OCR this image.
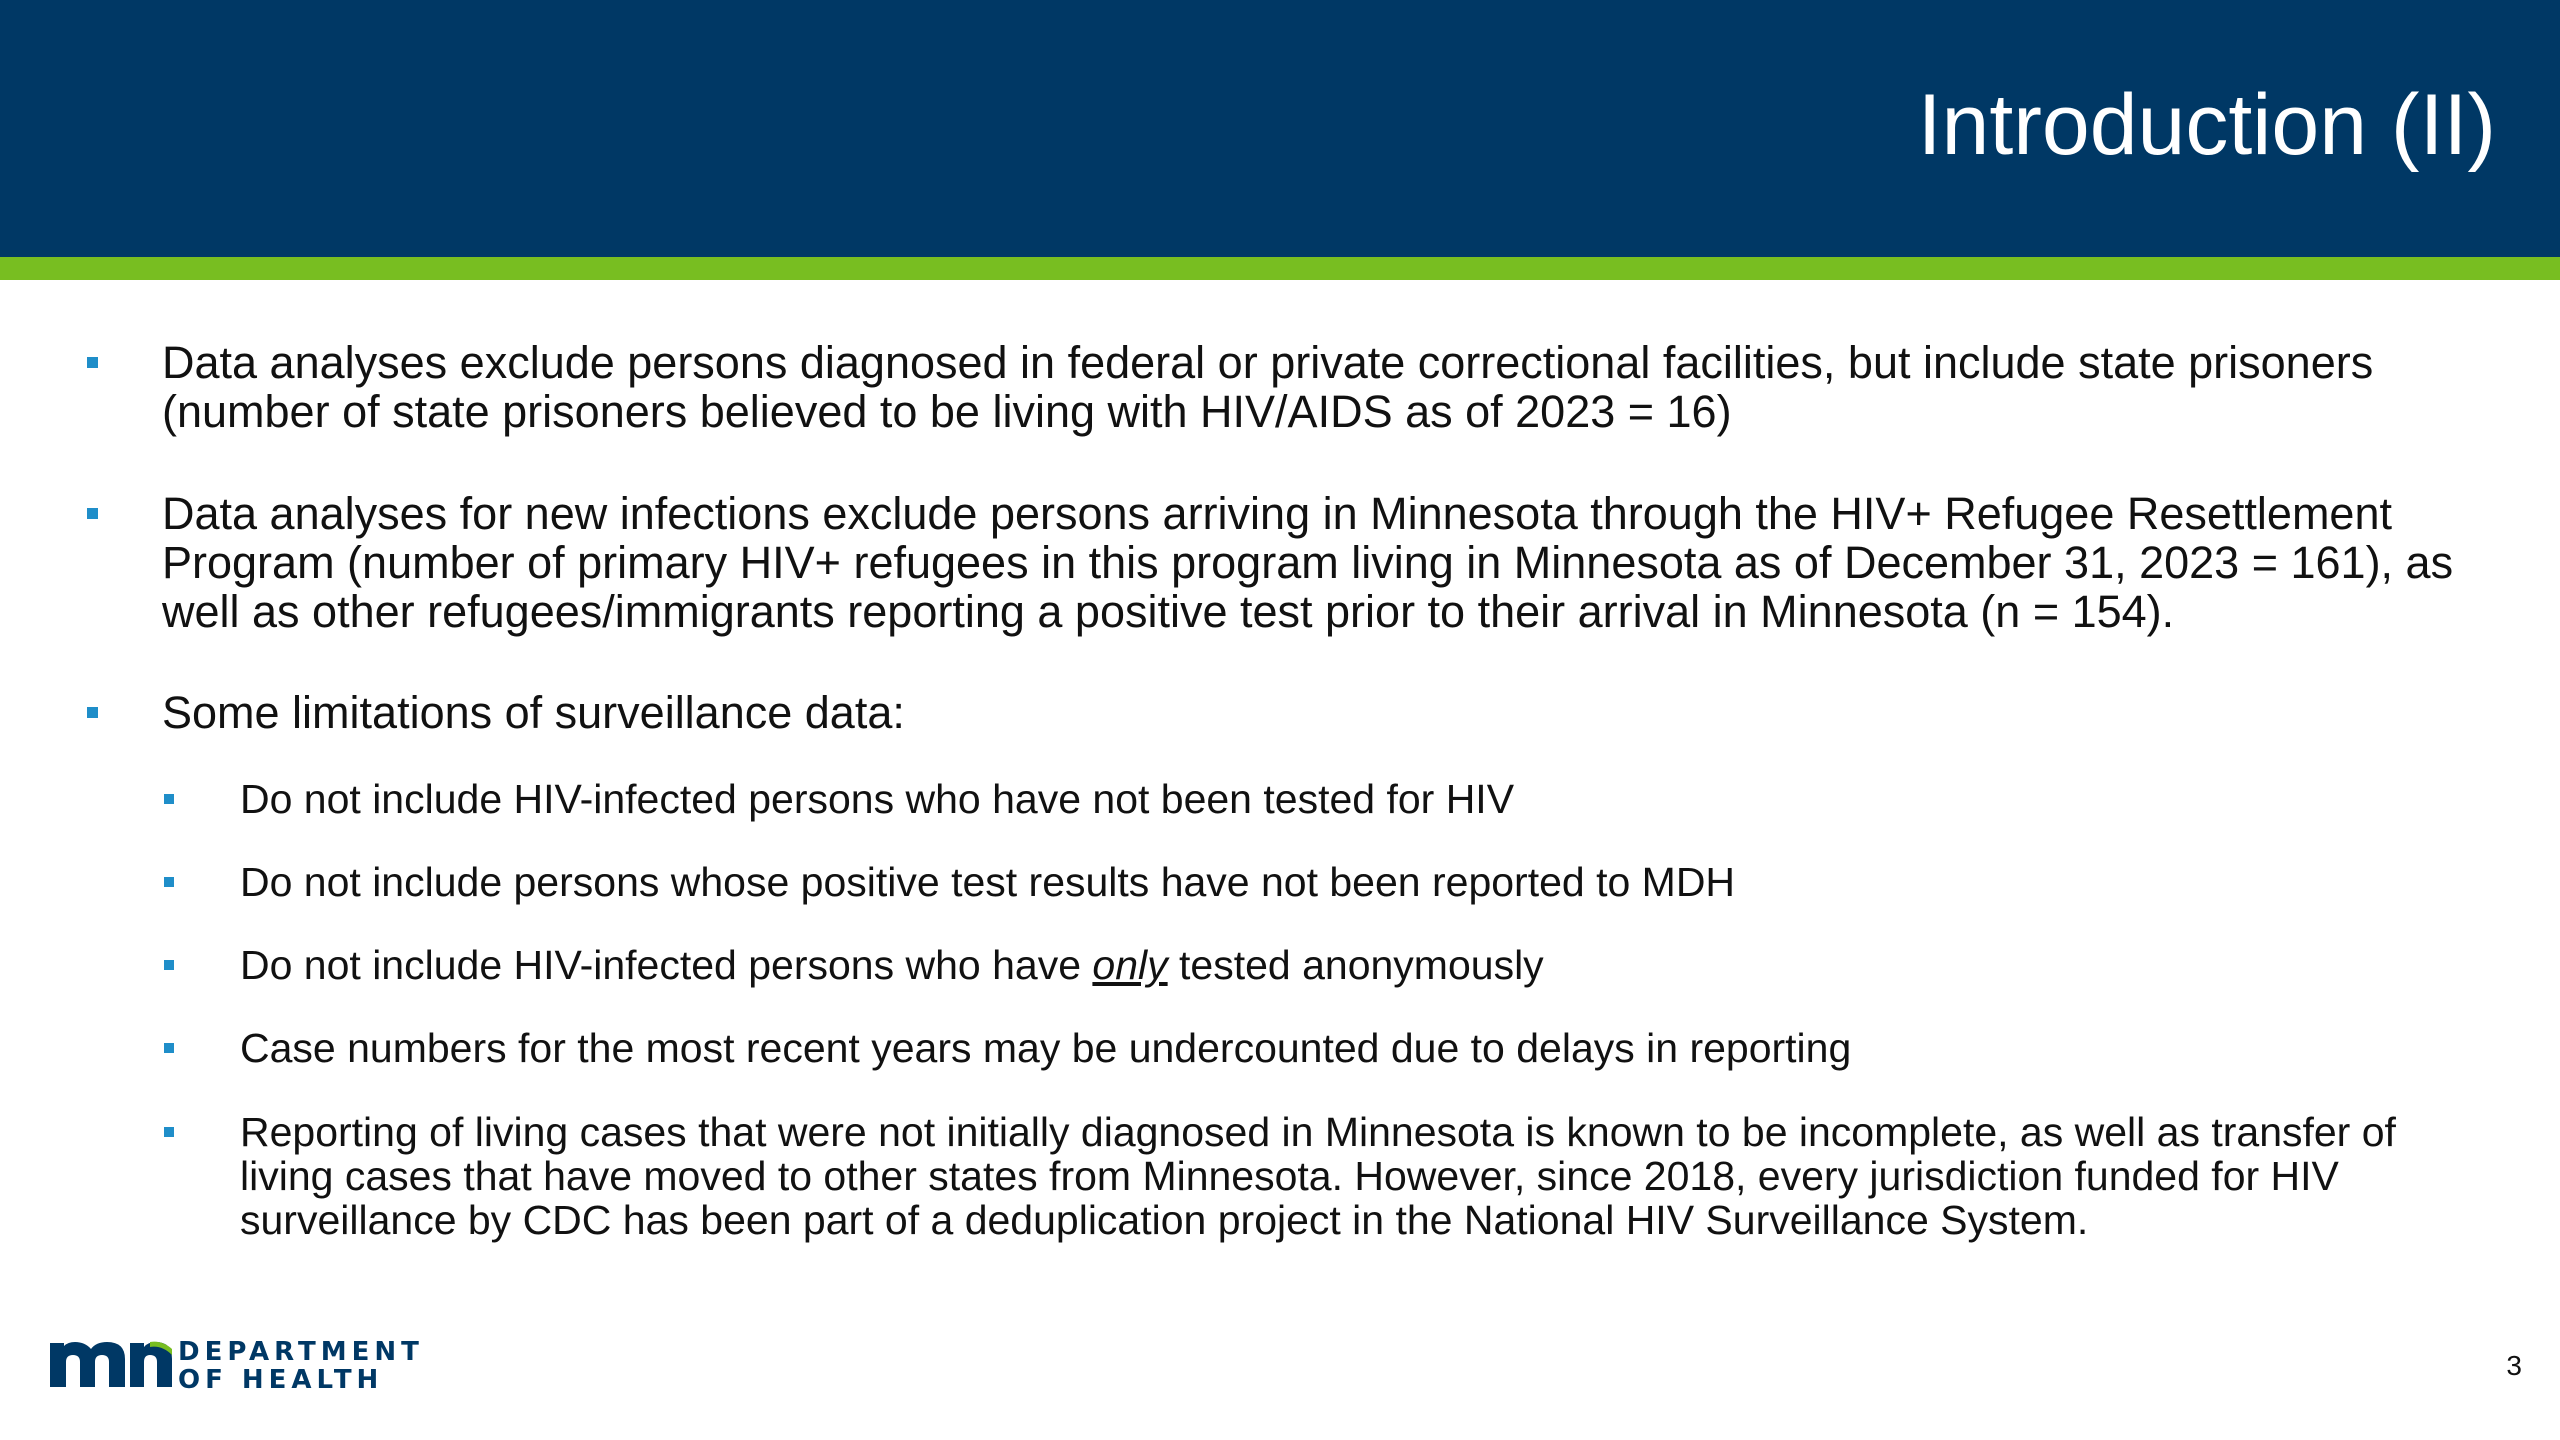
Introduction (II)
Data analyses exclude persons diagnosed in federal or private correctional facilities, but include state prisoners (number of state prisoners believed to be living with HIV/AIDS as of 2023 = 16)
Data analyses for new infections exclude persons arriving in Minnesota through the HIV+ Refugee Resettlement Program (number of primary HIV+ refugees in this program living in Minnesota as of December 31, 2023 = 161), as well as other refugees/immigrants reporting a positive test prior to their arrival in Minnesota (n = 154).
Some limitations of surveillance data:
Do not include HIV-infected persons who have not been tested for HIV
Do not include persons whose positive test results have not been reported to MDH
Do not include HIV-infected persons who have only tested anonymously
Case numbers for the most recent years may be undercounted due to delays in reporting
Reporting of living cases that were not initially diagnosed in Minnesota is known to be incomplete, as well as transfer of living cases that have moved to other states from Minnesota. However, since 2018, every jurisdiction funded for HIV surveillance by CDC has been part of a deduplication project in the National HIV Surveillance System.
DEPARTMENT
OF HEALTH	3
